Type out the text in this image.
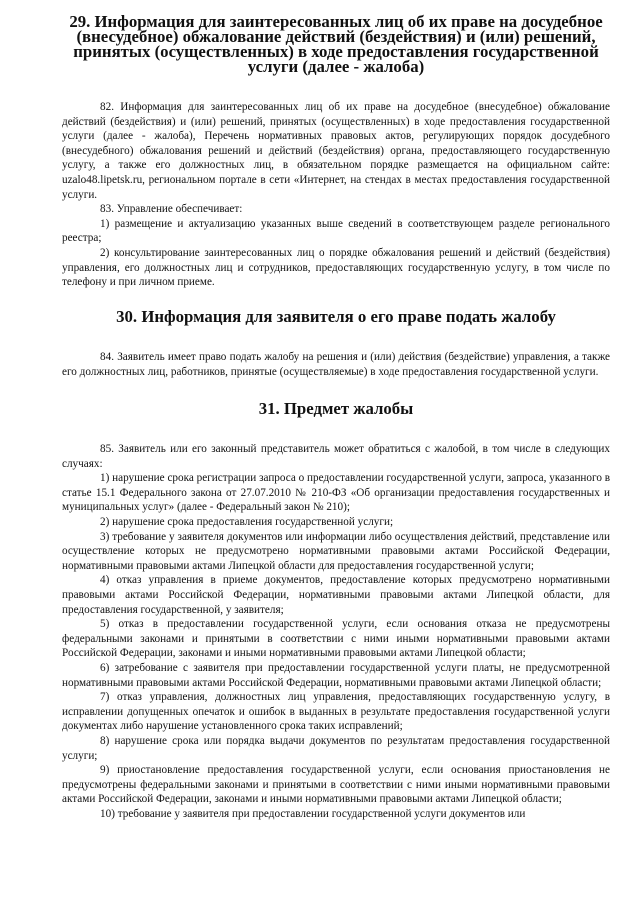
29. Информация для заинтересованных лиц об их праве на досудебное (внесудебное) обжалование действий (бездействия) и (или) решений, принятых (осуществленных) в ходе предоставления государственной услуги (далее - жалоба)

82. Информация для заинтересованных лиц об их праве на досудебное (внесудебное) обжалование действий (бездействия) и (или) решений, принятых (осуществленных) в ходе предоставления государственной услуги (далее - жалоба), Перечень нормативных правовых актов, регулирующих порядок досудебного (внесудебного) обжалования решений и действий (бездействия) органа, предоставляющего государственную услугу, а также его должностных лиц, в обязательном порядке размещается на официальном сайте: uzalo48.lipetsk.ru, региональном портале в сети «Интернет, на стендах в местах предоставления государственной услуги.

83. Управление обеспечивает:

1) размещение и актуализацию указанных выше сведений в соответствующем разделе регионального реестра;

2) консультирование заинтересованных лиц о порядке обжалования решений и действий (бездействия) управления, его должностных лиц и сотрудников, предоставляющих государственную услугу, в том числе по телефону и при личном приеме.

30. Информация для заявителя о его праве подать жалобу

84. Заявитель имеет право подать жалобу на решения и (или) действия (бездействие) управления, а также его должностных лиц, работников, принятые (осуществляемые) в ходе предоставления государственной услуги.

31. Предмет жалобы

85. Заявитель или его законный представитель может обратиться с жалобой, в том числе в следующих случаях:

1) нарушение срока регистрации запроса о предоставлении государственной услуги, запроса, указанного в статье 15.1 Федерального закона от 27.07.2010 № 210-ФЗ «Об организации предоставления государственных и муниципальных услуг» (далее - Федеральный закон № 210);

2) нарушение срока предоставления государственной услуги;

3) требование у заявителя документов или информации либо осуществления действий, представление или осуществление которых не предусмотрено нормативными правовыми актами Российской Федерации, нормативными правовыми актами Липецкой области для предоставления государственной услуги;

4) отказ управления в приеме документов, предоставление которых предусмотрено нормативными правовыми актами Российской Федерации, нормативными правовыми актами Липецкой области, для предоставления государственной, у заявителя;

5) отказ в предоставлении государственной услуги, если основания отказа не предусмотрены федеральными законами и принятыми в соответствии с ними иными нормативными правовыми актами Российской Федерации, законами и иными нормативными правовыми актами Липецкой области;

6) затребование с заявителя при предоставлении государственной услуги платы, не предусмотренной нормативными правовыми актами Российской Федерации, нормативными правовыми актами Липецкой области;

7) отказ управления, должностных лиц управления, предоставляющих государственную услугу, в исправлении допущенных опечаток и ошибок в выданных в результате предоставления государственной услуги документах либо нарушение установленного срока таких исправлений;

8) нарушение срока или порядка выдачи документов по результатам предоставления государственной услуги;

9) приостановление предоставления государственной услуги, если основания приостановления не предусмотрены федеральными законами и принятыми в соответствии с ними иными нормативными правовыми актами Российской Федерации, законами и иными нормативными правовыми актами Липецкой области;

10) требование у заявителя при предоставлении государственной услуги документов или
